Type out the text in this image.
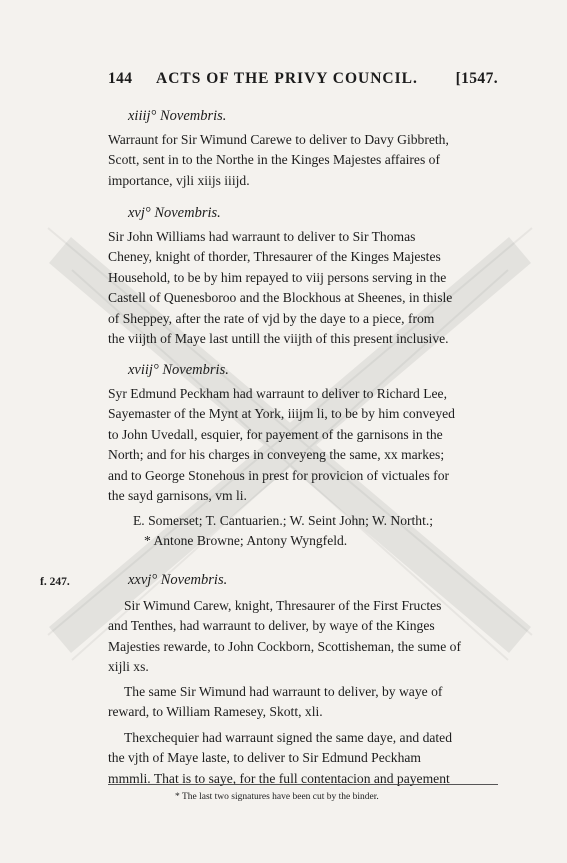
144 ACTS OF THE PRIVY COUNCIL. [1547.
xiiij° Novembris.
Warraunt for Sir Wimund Carewe to deliver to Davy Gibbreth,
Scott, sent in to the Northe in the Kinges Majestes affaires of
importance, vjli xiijs iiijd.
xvj° Novembris.
Sir John Williams had warraunt to deliver to Sir Thomas
Cheney, knight of thorder, Thresaurer of the Kinges Majestes
Household, to be by him repayed to viij persons serving in the
Castell of Quenesboroo and the Blockhous at Sheenes, in thisle
of Sheppey, after the rate of vjd by the daye to a piece, from
the viijth of Maye last untill the viijth of this present inclusive.
xviij° Novembris.
Syr Edmund Peckham had warraunt to deliver to Richard Lee,
Sayemaster of the Mynt at York, iiijm li, to be by him conveyed
to John Uvedall, esquier, for payement of the garnisons in the
North; and for his charges in conveyeng the same, xx markes;
and to George Stonehous in prest for provicion of victuales for
the sayd garnisons, vm li.
E. Somerset; T. Cantuarien.; W. Seint John; W. Northt.;
* Antone Browne; Antony Wyngfeld.
f. 247.	xxvj° Novembris.
Sir Wimund Carew, knight, Thresaurer of the First Fructes
and Tenthes, had warraunt to deliver, by waye of the Kinges
Majesties rewarde, to John Cockborn, Scottisheman, the sume of
xijli xs.
The same Sir Wimund had warraunt to deliver, by waye of
reward, to William Ramesey, Skott, xli.
Thexchequier had warraunt signed the same daye, and dated
the vjth of Maye laste, to deliver to Sir Edmund Peckham
mmmli. That is to saye, for the full contentacion and payement
* The last two signatures have been cut by the binder.
